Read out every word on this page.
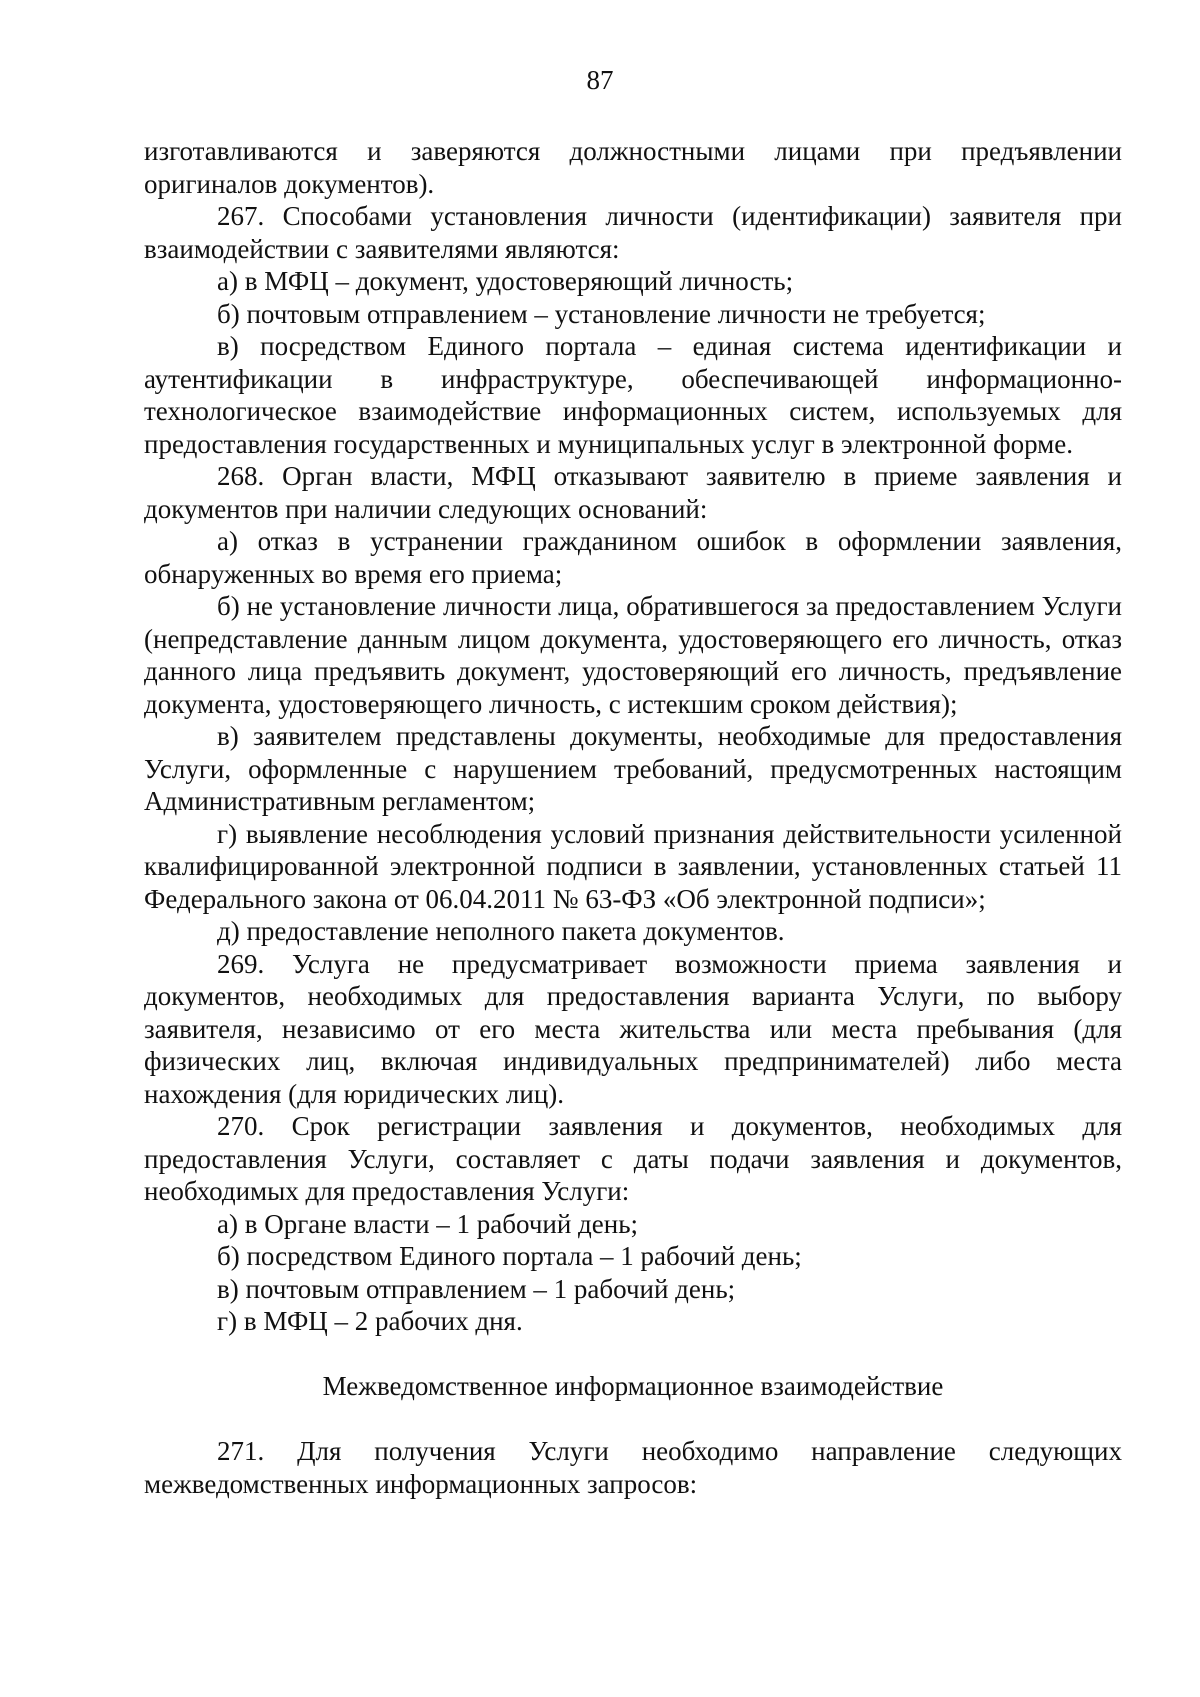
87

изготавливаются и заверяются должностными лицами при предъявлении оригиналов документов).

267. Способами установления личности (идентификации) заявителя при взаимодействии с заявителями являются:

а) в МФЦ – документ, удостоверяющий личность;

б) почтовым отправлением – установление личности не требуется;

в) посредством Единого портала – единая система идентификации и аутентификации в инфраструктуре, обеспечивающей информационно-технологическое взаимодействие информационных систем, используемых для предоставления государственных и муниципальных услуг в электронной форме.

268. Орган власти, МФЦ отказывают заявителю в приеме заявления и документов при наличии следующих оснований:

а) отказ в устранении гражданином ошибок в оформлении заявления, обнаруженных во время его приема;

б) не установление личности лица, обратившегося за предоставлением Услуги (непредставление данным лицом документа, удостоверяющего его личность, отказ данного лица предъявить документ, удостоверяющий его личность, предъявление документа, удостоверяющего личность, с истекшим сроком действия);

в) заявителем представлены документы, необходимые для предоставления Услуги, оформленные с нарушением требований, предусмотренных настоящим Административным регламентом;

г) выявление несоблюдения условий признания действительности усиленной квалифицированной электронной подписи в заявлении, установленных статьей 11 Федерального закона от 06.04.2011 № 63-ФЗ «Об электронной подписи»;

д) предоставление неполного пакета документов.

269. Услуга не предусматривает возможности приема заявления и документов, необходимых для предоставления варианта Услуги, по выбору заявителя, независимо от его места жительства или места пребывания (для физических лиц, включая индивидуальных предпринимателей) либо места нахождения (для юридических лиц).

270. Срок регистрации заявления и документов, необходимых для предоставления Услуги, составляет с даты подачи заявления и документов, необходимых для предоставления Услуги:

а) в Органе власти – 1 рабочий день;

б) посредством Единого портала – 1 рабочий день;

в) почтовым отправлением – 1 рабочий день;

г) в МФЦ – 2 рабочих дня.

Межведомственное информационное взаимодействие

271. Для получения Услуги необходимо направление следующих межведомственных информационных запросов:
